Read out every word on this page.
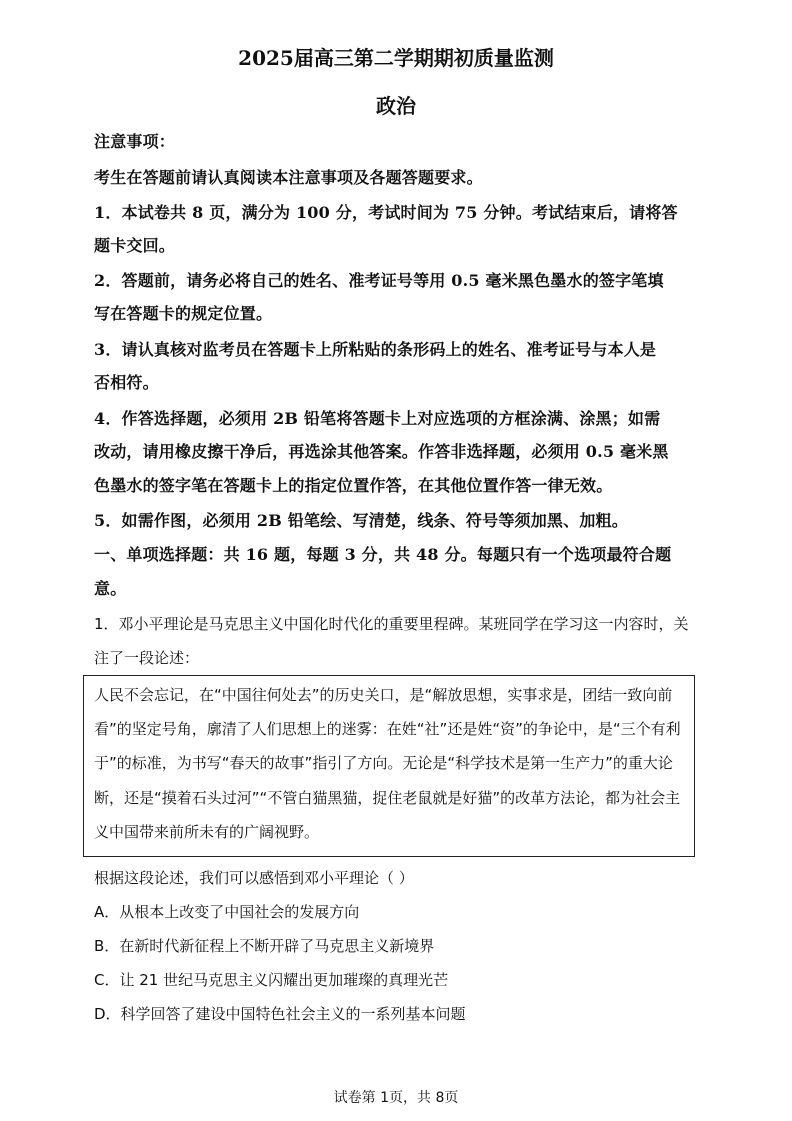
2025届高三第二学期期初质量监测
政治
注意事项：
考生在答题前请认真阅读本注意事项及各题答题要求。
1．本试卷共 8 页，满分为 100 分，考试时间为 75 分钟。考试结束后，请将答
题卡交回。
2．答题前，请务必将自己的姓名、准考证号等用 0.5 毫米黑色墨水的签字笔填
写在答题卡的规定位置。
3．请认真核对监考员在答题卡上所粘贴的条形码上的姓名、准考证号与本人是
否相符。
4．作答选择题，必须用 2B 铅笔将答题卡上对应选项的方框涂满、涂黑；如需
改动，请用橡皮擦干净后，再选涂其他答案。作答非选择题，必须用 0.5 毫米黑
色墨水的签字笔在答题卡上的指定位置作答，在其他位置作答一律无效。
5．如需作图，必须用 2B 铅笔绘、写清楚，线条、符号等须加黑、加粗。
一、单项选择题：共 16 题，每题 3 分，共 48 分。每题只有一个选项最符合题
意。
1．邓小平理论是马克思主义中国化时代化的重要里程碑。某班同学在学习这一内容时，关
注了一段论述：
人民不会忘记，在“中国往何处去”的历史关口，是“解放思想，实事求是，团结一致向前
看”的坚定号角，廓清了人们思想上的迷雾：在姓“社”还是姓“资”的争论中，是“三个有利
于”的标准，为书写“春天的故事”指引了方向。无论是“科学技术是第一生产力”的重大论
断，还是“摸着石头过河”“不管白猫黑猫，捉住老鼠就是好猫”的改革方法论，都为社会主
义中国带来前所未有的广阔视野。
根据这段论述，我们可以感悟到邓小平理论（ ）
A．从根本上改变了中国社会的发展方向
B．在新时代新征程上不断开辟了马克思主义新境界
C．让 21 世纪马克思主义闪耀出更加璀璨的真理光芒
D．科学回答了建设中国特色社会主义的一系列基本问题
试卷第 1页，共 8页
